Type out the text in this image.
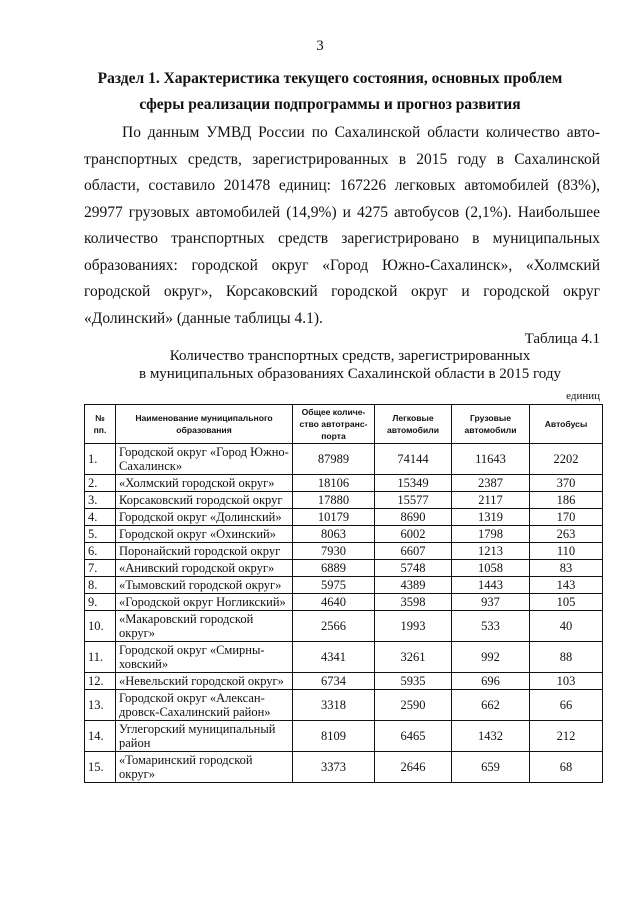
3
Раздел 1. Характеристика текущего состояния, основных проблем
сферы реализации подпрограммы и прогноз развития

По данным УМВД России по Сахалинской области количество автотранспортных средств, зарегистрированных в 2015 году в Сахалинской области, составило 201478 единиц: 167226 легковых автомобилей (83%), 29977 грузовых автомобилей (14,9%) и 4275 автобусов (2,1%). Наибольшее количество транспортных средств зарегистрировано в муниципальных образованиях: городской округ «Город Южно-Сахалинск», «Холмский городской округ», Корсаковский городской округ и городской округ «Долинский» (данные таблицы 4.1).

Таблица 4.1
Количество транспортных средств, зарегистрированных
в муниципальных образованиях Сахалинской области в 2015 году
единиц
№ пп.	Наименование муниципального образования	Общее количество автотранспорта	Легковые автомобили	Грузовые автомобили	Автобусы
1.	Городской округ «Город Южно-Сахалинск»	87989	74144	11643	2202
2.	«Холмский городской округ»	18106	15349	2387	370
3.	Корсаковский городской округ	17880	15577	2117	186
4.	Городской округ «Долинский»	10179	8690	1319	170
5.	Городской округ «Охинский»	8063	6002	1798	263
6.	Поронайский городской округ	7930	6607	1213	110
7.	«Анивский городской округ»	6889	5748	1058	83
8.	«Тымовский городской округ»	5975	4389	1443	143
9.	«Городской округ Ногликский»	4640	3598	937	105
10.	«Макаровский городской округ»	2566	1993	533	40
11.	Городской округ «Смирныховский»	4341	3261	992	88
12.	«Невельский городской округ»	6734	5935	696	103
13.	Городской округ «Александровск-Сахалинский район»	3318	2590	662	66
14.	Углегорский муниципальный район	8109	6465	1432	212
15.	«Томаринский городской округ»	3373	2646	659	68
